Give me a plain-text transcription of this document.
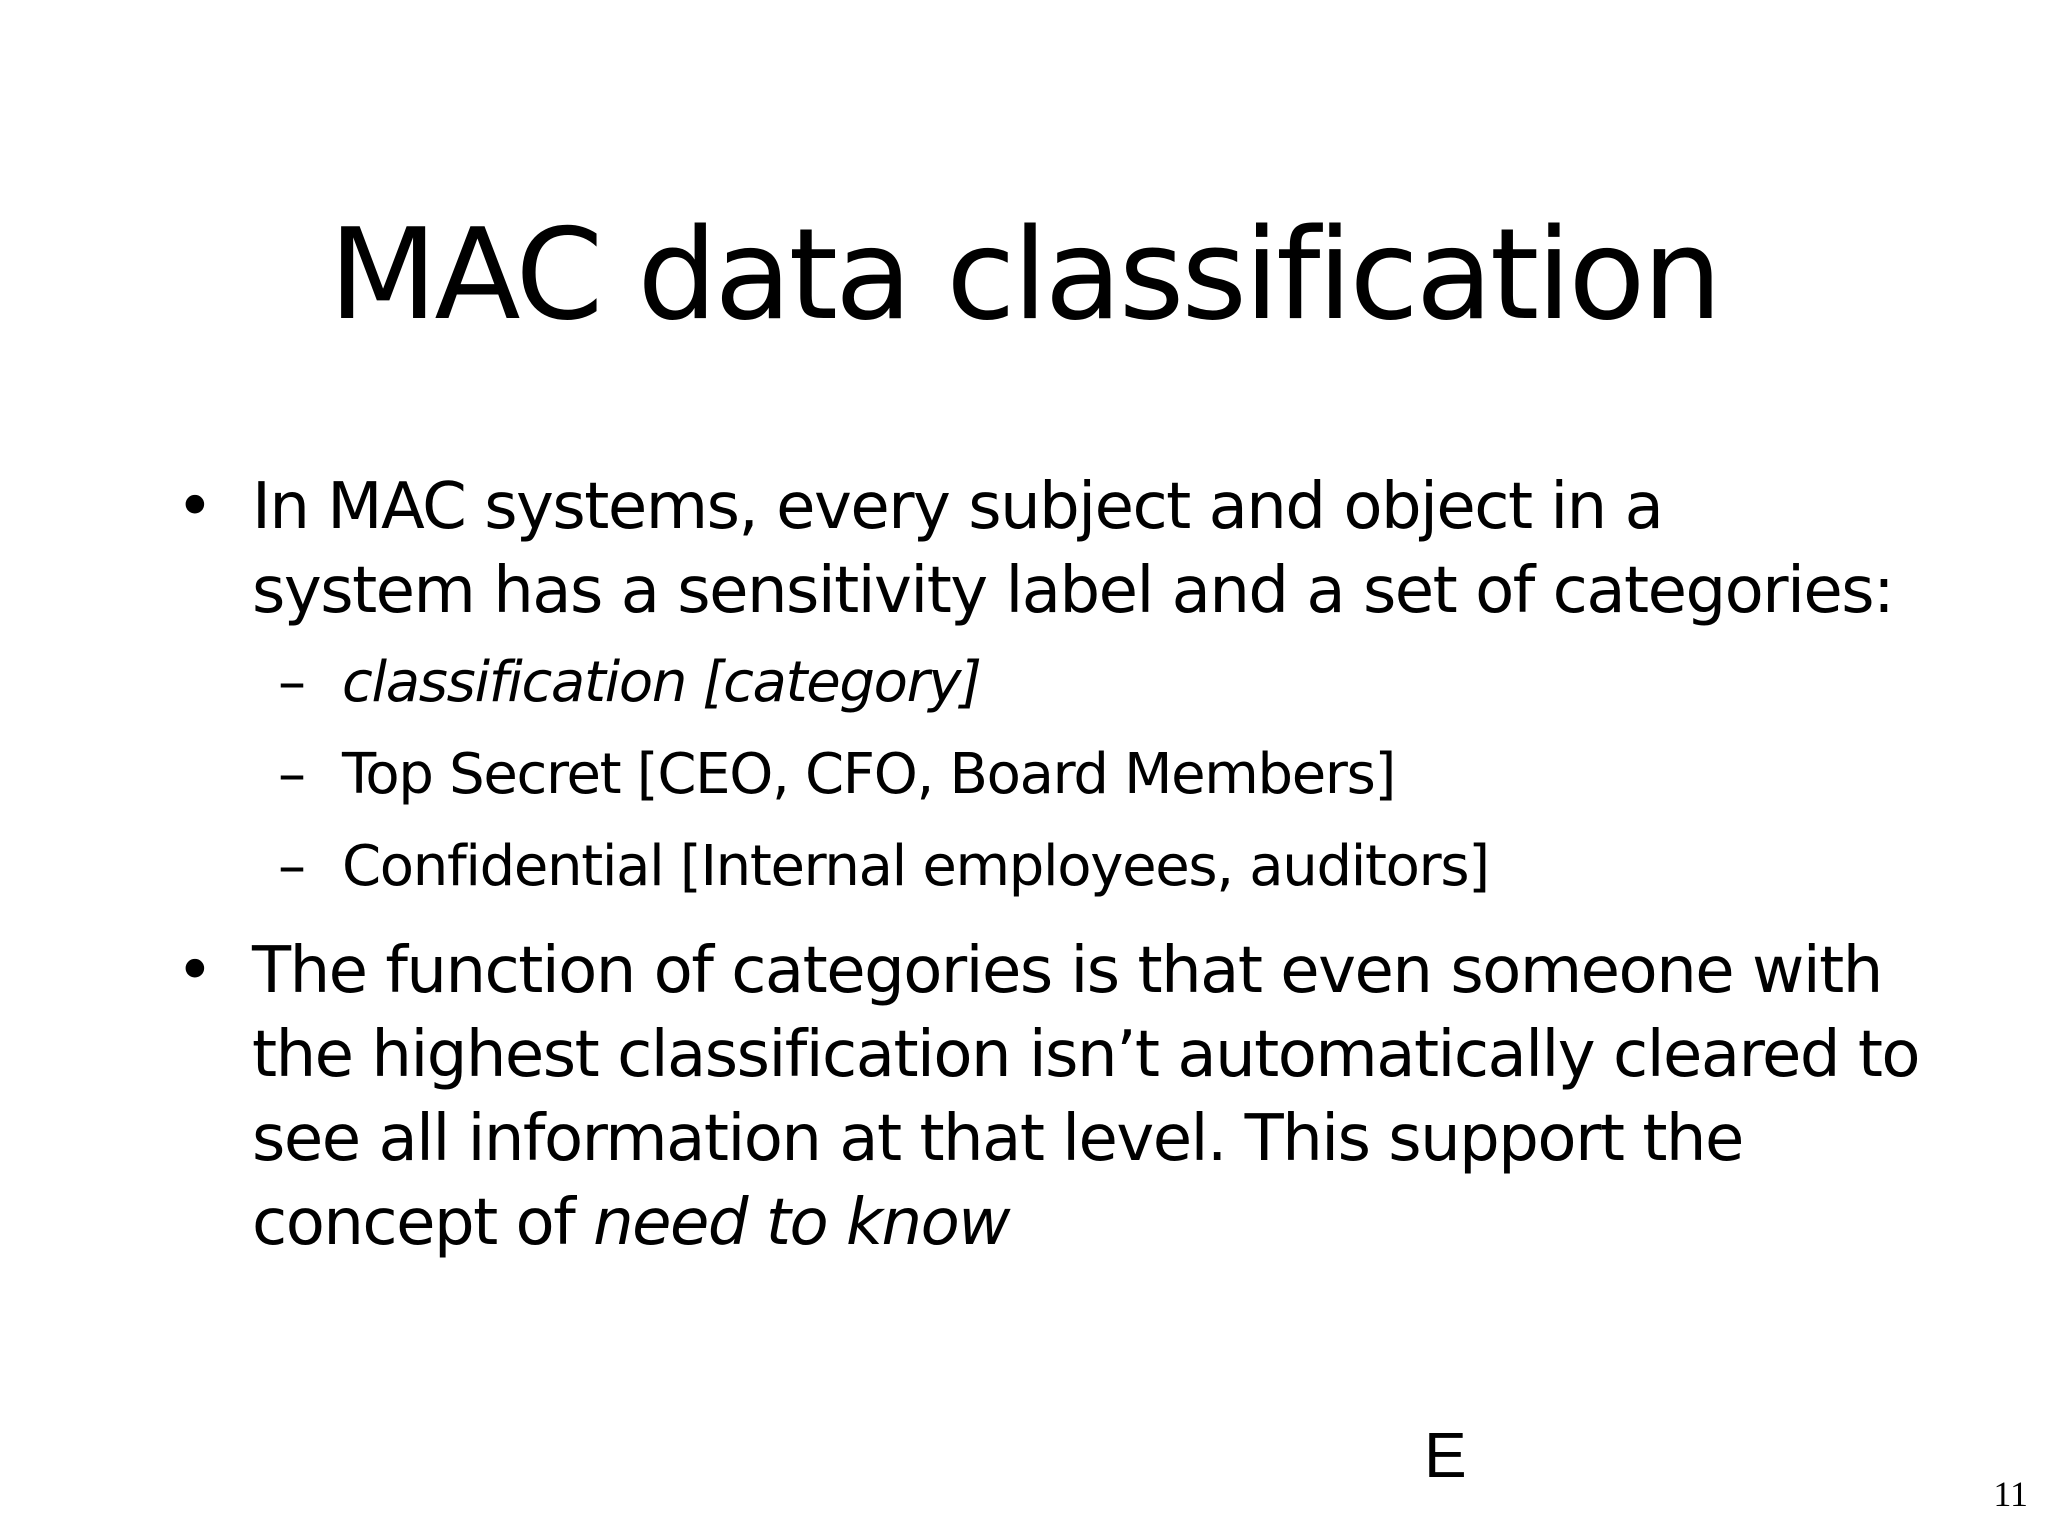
MAC data classification
• In MAC systems, every subject and object in a
system has a sensitivity label and a set of categories:
– classification [category]
– Top Secret [CEO, CFO, Board Members]
– Confidential [Internal employees, auditors]
• The function of categories is that even someone with
the highest classification isn’t automatically cleared to
see all information at that level. This support the
concept of need to know
E
11
